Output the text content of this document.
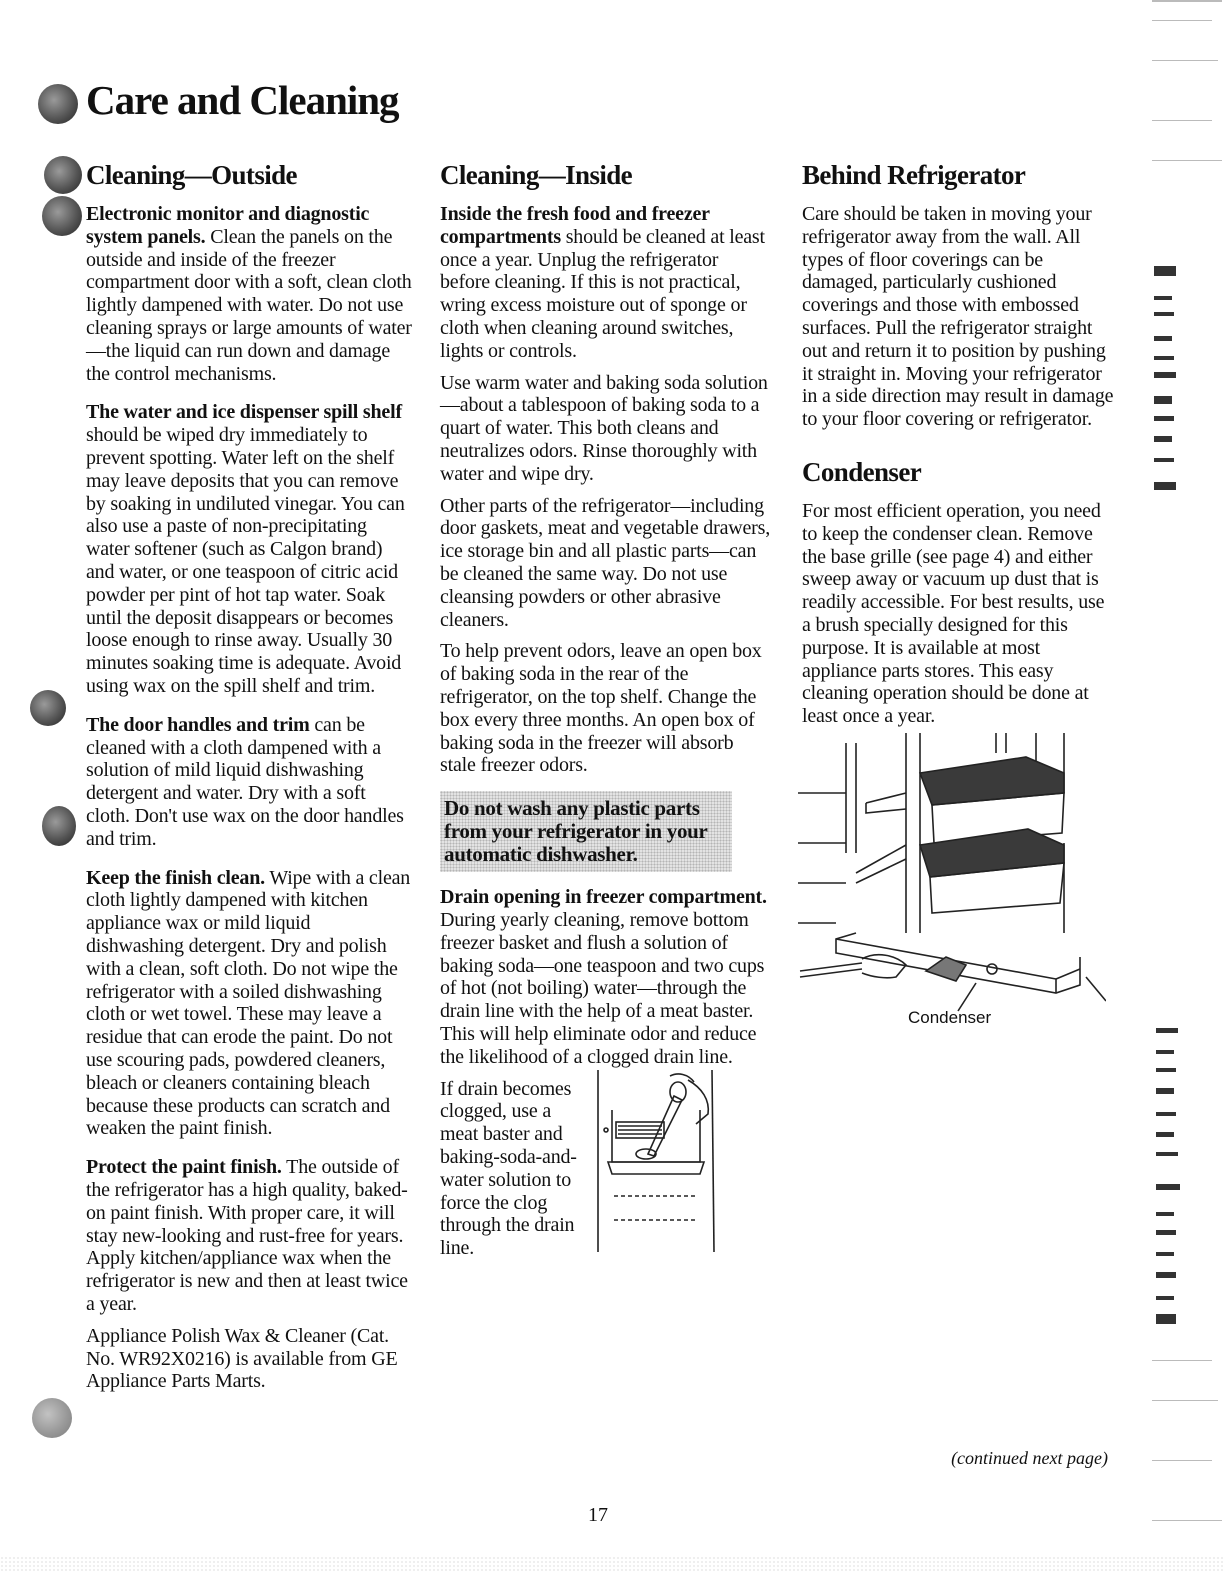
Care and Cleaning
Cleaning—Outside

Electronic monitor and diagnostic system panels. Clean the panels on the outside and inside of the freezer compartment door with a soft, clean cloth lightly dampened with water. Do not use cleaning sprays or large amounts of water—the liquid can run down and damage the control mechanisms.

The water and ice dispenser spill shelf should be wiped dry immediately to prevent spotting. Water left on the shelf may leave deposits that you can remove by soaking in undiluted vinegar. You can also use a paste of non-precipitating water softener (such as Calgon brand) and water, or one teaspoon of citric acid powder per pint of hot tap water. Soak until the deposit disappears or becomes loose enough to rinse away. Usually 30 minutes soaking time is adequate. Avoid using wax on the spill shelf and trim.

The door handles and trim can be cleaned with a cloth dampened with a solution of mild liquid dishwashing detergent and water. Dry with a soft cloth. Don't use wax on the door handles and trim.

Keep the finish clean. Wipe with a clean cloth lightly dampened with kitchen appliance wax or mild liquid dishwashing detergent. Dry and polish with a clean, soft cloth. Do not wipe the refrigerator with a soiled dishwashing cloth or wet towel. These may leave a residue that can erode the paint. Do not use scouring pads, powdered cleaners, bleach or cleaners containing bleach because these products can scratch and weaken the paint finish.

Protect the paint finish. The outside of the refrigerator has a high quality, baked-on paint finish. With proper care, it will stay new-looking and rust-free for years. Apply kitchen/appliance wax when the refrigerator is new and then at least twice a year.

Appliance Polish Wax & Cleaner (Cat. No. WR92X0216) is available from GE Appliance Parts Marts.

Cleaning—Inside

Inside the fresh food and freezer compartments should be cleaned at least once a year. Unplug the refrigerator before cleaning. If this is not practical, wring excess moisture out of sponge or cloth when cleaning around switches, lights or controls.

Use warm water and baking soda solution—about a tablespoon of baking soda to a quart of water. This both cleans and neutralizes odors. Rinse thoroughly with water and wipe dry.

Other parts of the refrigerator—including door gaskets, meat and vegetable drawers, ice storage bin and all plastic parts—can be cleaned the same way. Do not use cleansing powders or other abrasive cleaners.

To help prevent odors, leave an open box of baking soda in the rear of the refrigerator, on the top shelf. Change the box every three months. An open box of baking soda in the freezer will absorb stale freezer odors.

Do not wash any plastic parts
from your refrigerator in your
automatic dishwasher.

Drain opening in freezer compartment. During yearly cleaning, remove bottom freezer basket and flush a solution of baking soda—one teaspoon and two cups of hot (not boiling) water—through the drain line with the help of a meat baster. This will help eliminate odor and reduce the likelihood of a clogged drain line.

If drain becomes clogged, use a meat baster and baking-soda-and-water solution to force the clog through the drain line.

Behind Refrigerator

Care should be taken in moving your refrigerator away from the wall. All types of floor coverings can be damaged, particularly cushioned coverings and those with embossed surfaces. Pull the refrigerator straight out and return it to position by pushing it straight in. Moving your refrigerator in a side direction may result in damage to your floor covering or refrigerator.

Condenser

For most efficient operation, you need to keep the condenser clean. Remove the base grille (see page 4) and either sweep away or vacuum up dust that is readily accessible. For best results, use a brush specially designed for this purpose. It is available at most appliance parts stores. This easy cleaning operation should be done at least once a year.

Condenser
(continued next page)
17
